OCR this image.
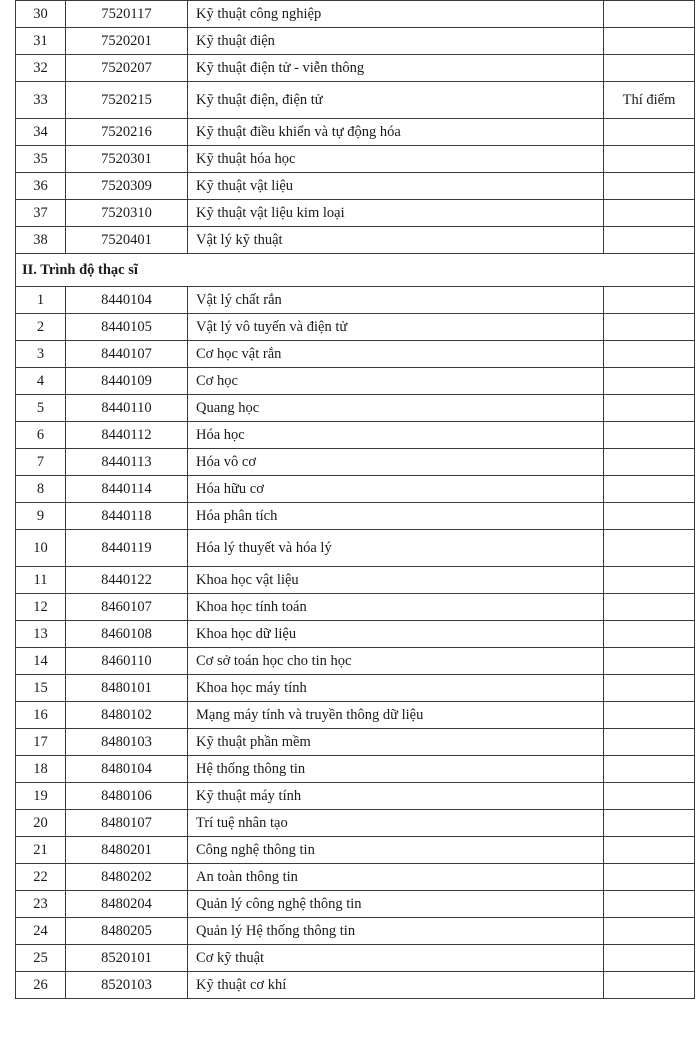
30	7520117	Kỹ thuật công nghiệp	
31	7520201	Kỹ thuật điện	
32	7520207	Kỹ thuật điện tử - viễn thông	
33	7520215	Kỹ thuật điện, điện tử	Thí điểm
34	7520216	Kỹ thuật điều khiển và tự động hóa	
35	7520301	Kỹ thuật hóa học	
36	7520309	Kỹ thuật vật liệu	
37	7520310	Kỹ thuật vật liệu kim loại	
38	7520401	Vật lý kỹ thuật	
II. Trình độ thạc sĩ			
1	8440104	Vật lý chất rắn	
2	8440105	Vật lý vô tuyến và điện tử	
3	8440107	Cơ học vật rắn	
4	8440109	Cơ học	
5	8440110	Quang học	
6	8440112	Hóa học	
7	8440113	Hóa vô cơ	
8	8440114	Hóa hữu cơ	
9	8440118	Hóa phân tích	
10	8440119	Hóa lý thuyết và hóa lý	
11	8440122	Khoa học vật liệu	
12	8460107	Khoa học tính toán	
13	8460108	Khoa học dữ liệu	
14	8460110	Cơ sở toán học cho tin học	
15	8480101	Khoa học máy tính	
16	8480102	Mạng máy tính và truyền thông dữ liệu	
17	8480103	Kỹ thuật phần mềm	
18	8480104	Hệ thống thông tin	
19	8480106	Kỹ thuật máy tính	
20	8480107	Trí tuệ nhân tạo	
21	8480201	Công nghệ thông tin	
22	8480202	An toàn thông tin	
23	8480204	Quản lý công nghệ thông tin	
24	8480205	Quản lý Hệ thống thông tin	
25	8520101	Cơ kỹ thuật	
26	8520103	Kỹ thuật cơ khí	
